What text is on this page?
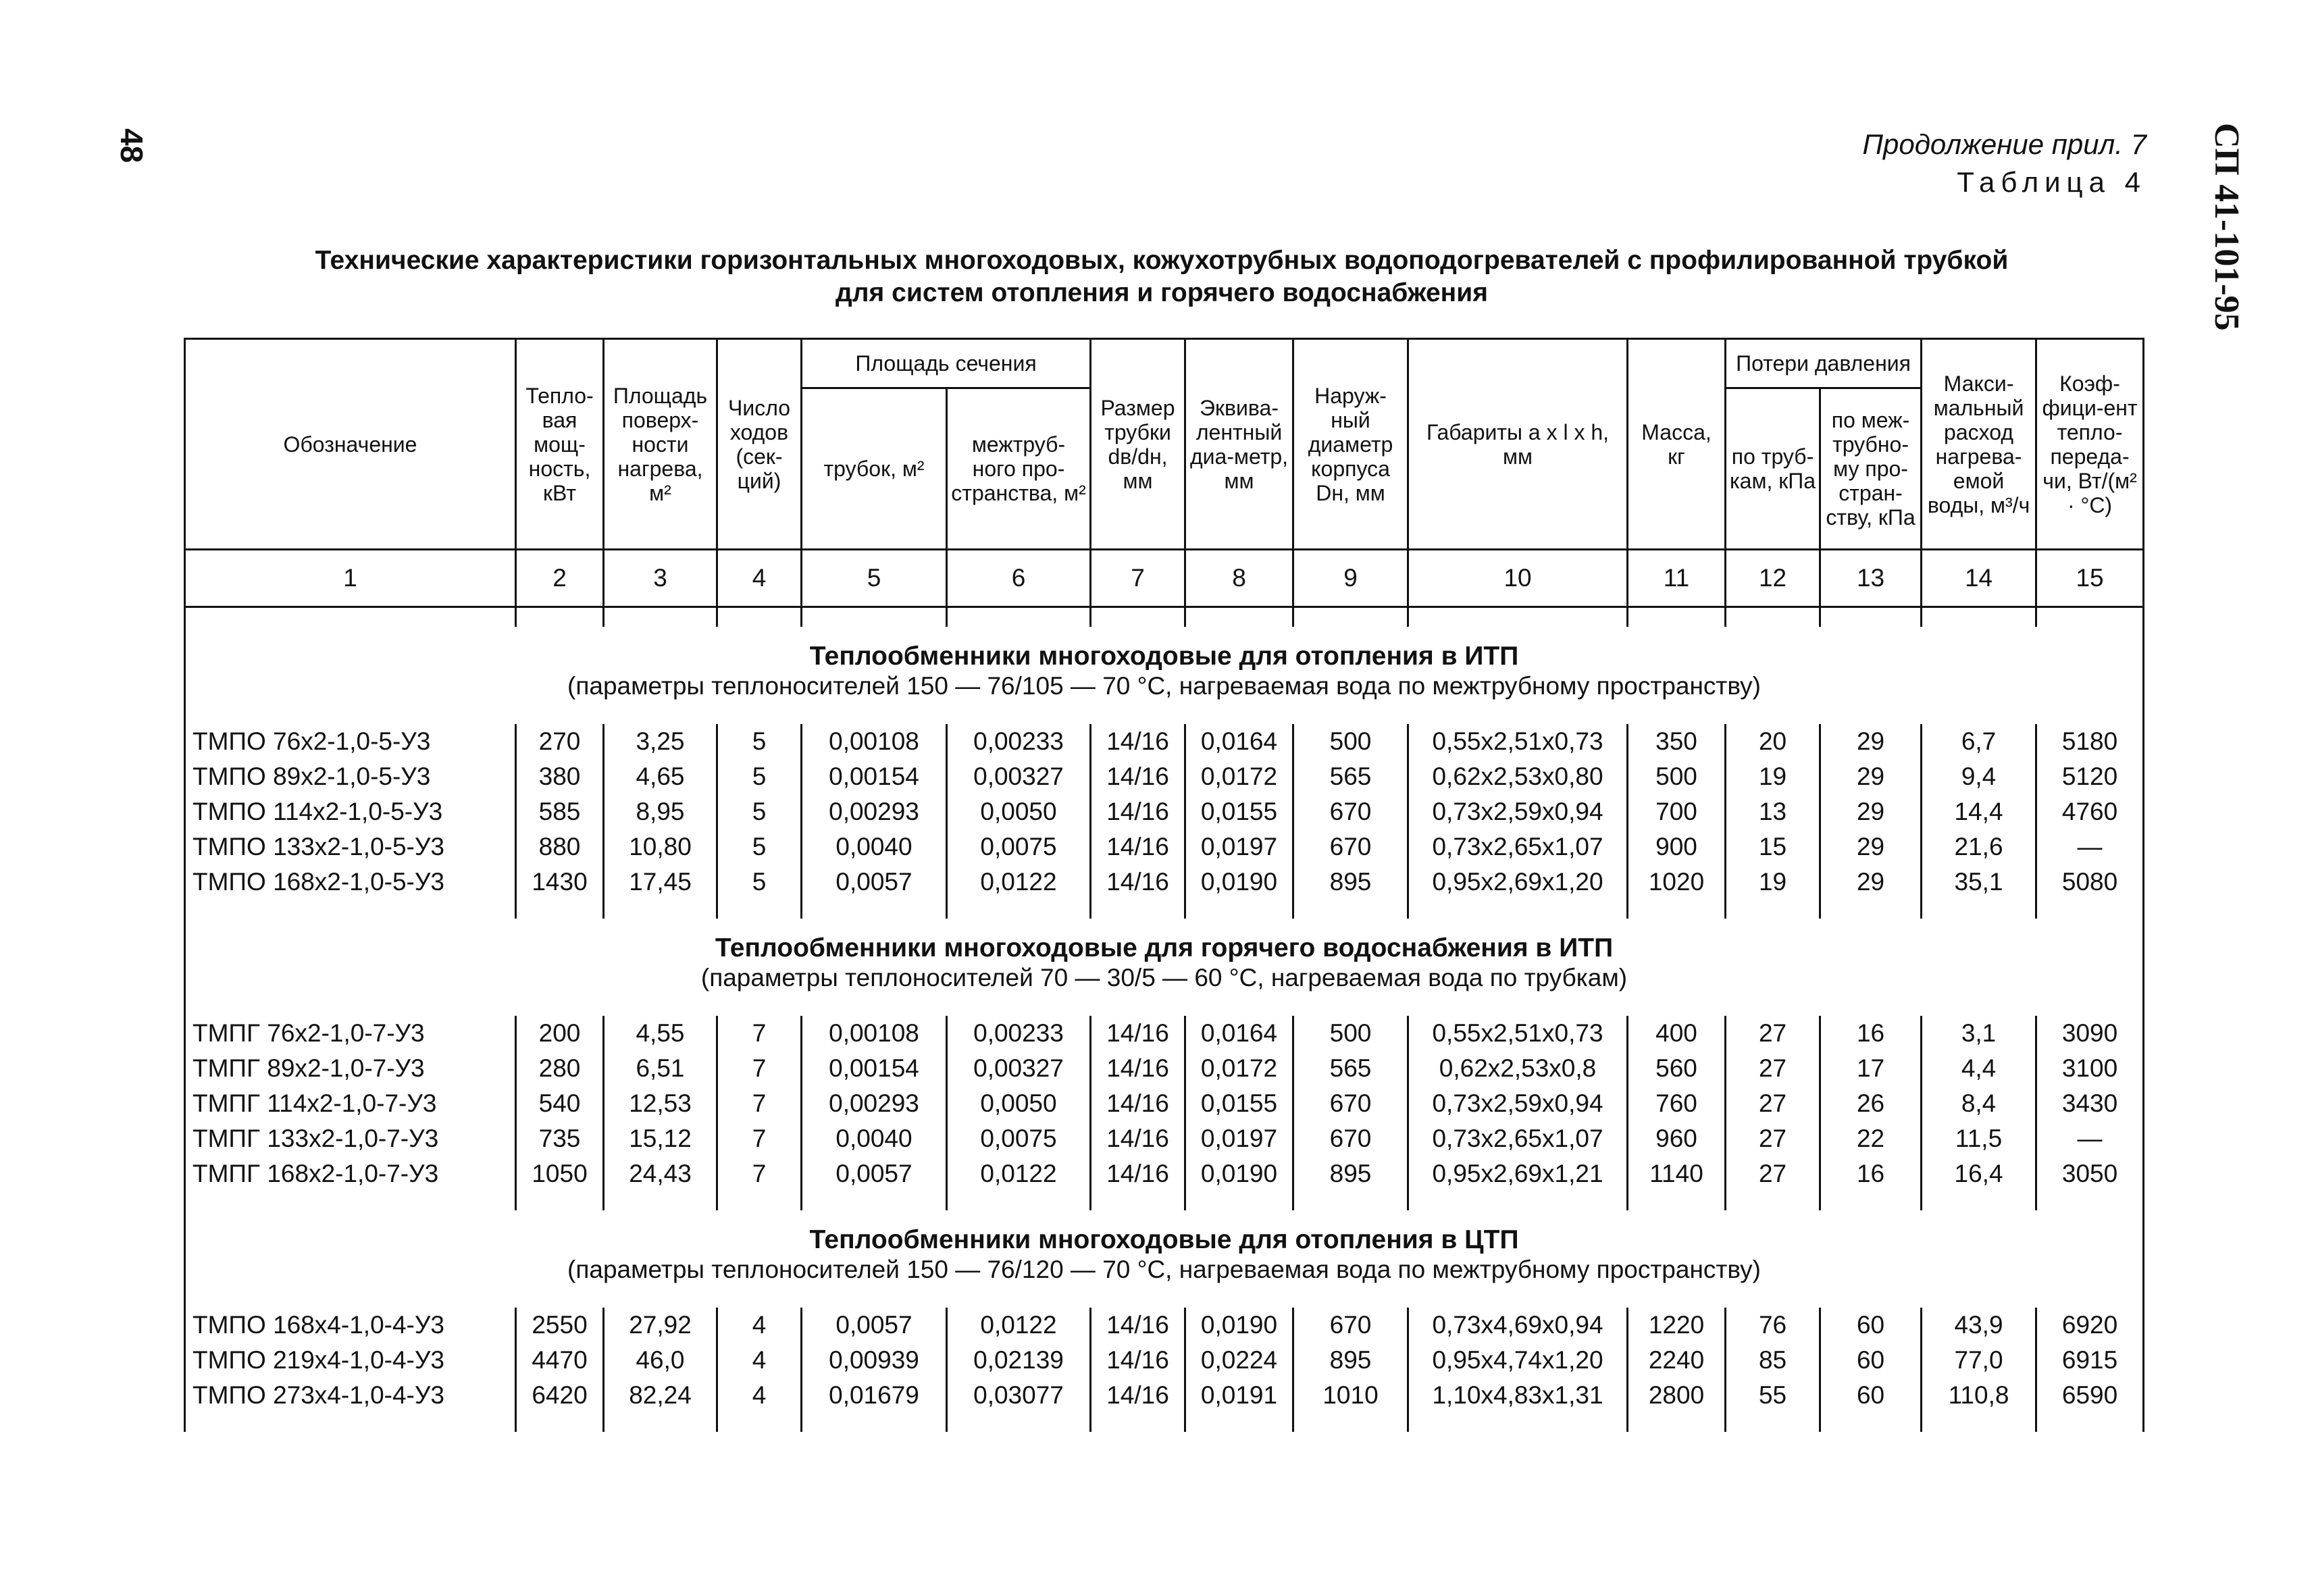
48	СП 41-101-95
Продолжение прил. 7
Таблица 4
Технические характеристики горизонтальных многоходовых, кожухотрубных водоподогревателей с профилированной трубкой
для систем отопления и горячего водоснабжения
Обозначение	Тепло-вая мощ-ность, кВт	Площадь поверх-ности нагрева, м²	Число ходов (сек-ций)	Площадь сечения		Размер трубки dв/dн, мм	Эквива-лентный диа-метр, мм	Наруж-ный диаметр корпуса Dн, мм	Габариты a x l x h, мм	Масса, кг	Потери давления		Макси-мальный расход нагрева-емой воды, м³/ч	Коэф-фици-ент тепло-переда-чи, Вт/(м² · °С)
				трубок, м²	межтруб-ного про-странства, м²						по труб-кам, кПа	по меж-трубно-му про-стран-ству, кПа		
1	2	3	4	5	6	7	8	9	10	11	12	13	14	15

Теплообменники многоходовые для отопления в ИТП
(параметры теплоносителей 150 — 76/105 — 70 °С, нагреваемая вода по межтрубному пространству)														

ТМПО 76x2-1,0-5-У3	270	3,25	5	0,00108	0,00233	14/16	0,0164	500	0,55x2,51x0,73	350	20	29	6,7	5180
ТМПО 89x2-1,0-5-У3	380	4,65	5	0,00154	0,00327	14/16	0,0172	565	0,62x2,53x0,80	500	19	29	9,4	5120
ТМПО 114x2-1,0-5-У3	585	8,95	5	0,00293	0,0050	14/16	0,0155	670	0,73x2,59x0,94	700	13	29	14,4	4760
ТМПО 133x2-1,0-5-У3	880	10,80	5	0,0040	0,0075	14/16	0,0197	670	0,73x2,65x1,07	900	15	29	21,6	—
ТМПО 168x2-1,0-5-У3	1430	17,45	5	0,0057	0,0122	14/16	0,0190	895	0,95x2,69x1,20	1020	19	29	35,1	5080

Теплообменники многоходовые для горячего водоснабжения в ИТП
(параметры теплоносителей 70 — 30/5 — 60 °С, нагреваемая вода по трубкам)														

ТМПГ 76x2-1,0-7-У3	200	4,55	7	0,00108	0,00233	14/16	0,0164	500	0,55x2,51x0,73	400	27	16	3,1	3090
ТМПГ 89x2-1,0-7-У3	280	6,51	7	0,00154	0,00327	14/16	0,0172	565	0,62x2,53x0,8	560	27	17	4,4	3100
ТМПГ 114x2-1,0-7-У3	540	12,53	7	0,00293	0,0050	14/16	0,0155	670	0,73x2,59x0,94	760	27	26	8,4	3430
ТМПГ 133x2-1,0-7-У3	735	15,12	7	0,0040	0,0075	14/16	0,0197	670	0,73x2,65x1,07	960	27	22	11,5	—
ТМПГ 168x2-1,0-7-У3	1050	24,43	7	0,0057	0,0122	14/16	0,0190	895	0,95x2,69x1,21	1140	27	16	16,4	3050

Теплообменники многоходовые для отопления в ЦТП
(параметры теплоносителей 150 — 76/120 — 70 °С, нагреваемая вода по межтрубному пространству)														

ТМПО 168x4-1,0-4-У3	2550	27,92	4	0,0057	0,0122	14/16	0,0190	670	0,73x4,69x0,94	1220	76	60	43,9	6920
ТМПО 219x4-1,0-4-У3	4470	46,0	4	0,00939	0,02139	14/16	0,0224	895	0,95x4,74x1,20	2240	85	60	77,0	6915
ТМПО 273x4-1,0-4-У3	6420	82,24	4	0,01679	0,03077	14/16	0,0191	1010	1,10x4,83x1,31	2800	55	60	110,8	6590
